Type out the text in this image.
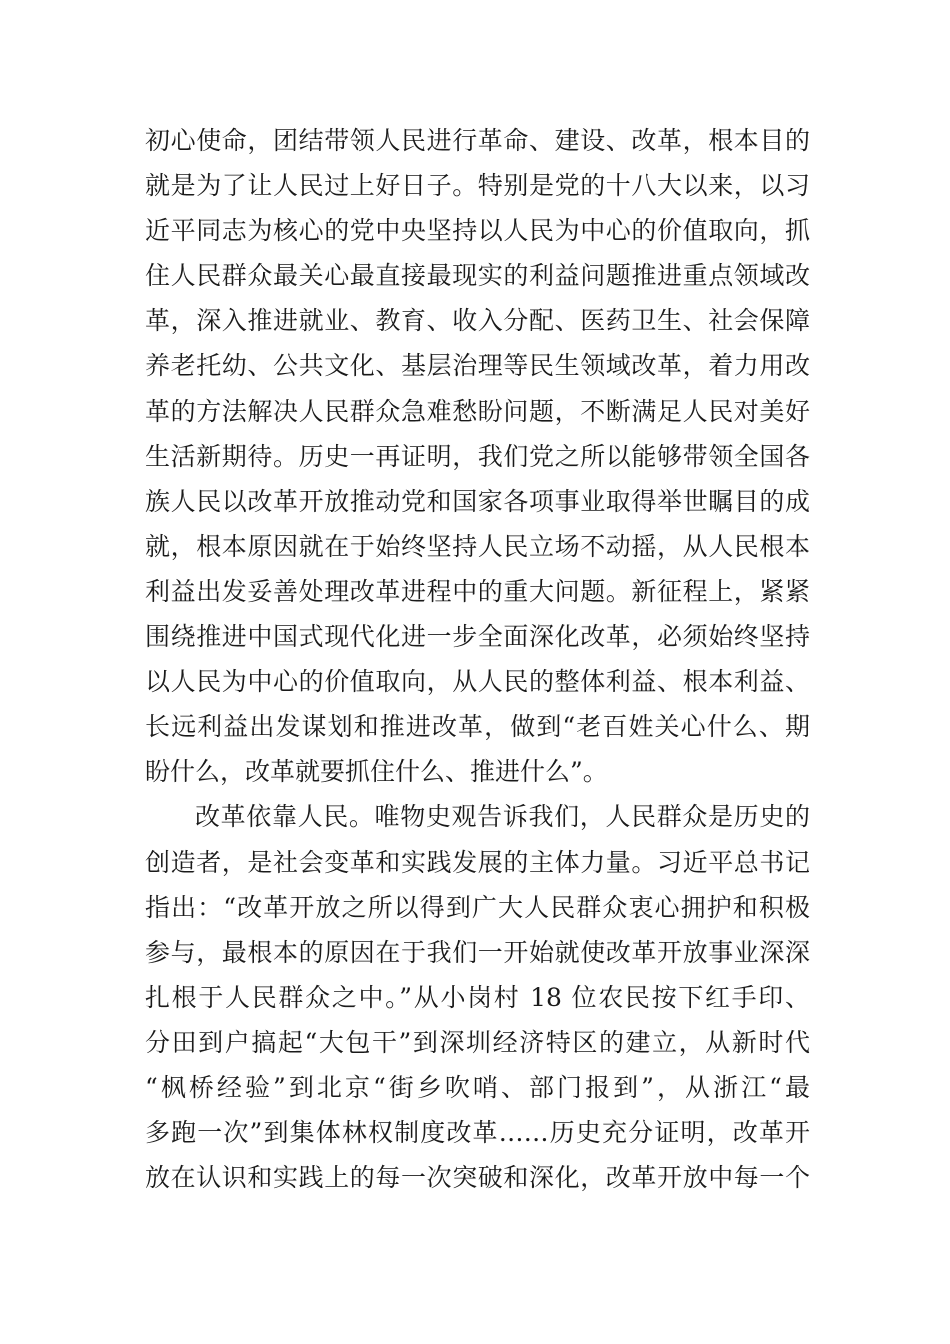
初心使命，团结带领人民进行革命、建设、改革，根本目的
就是为了让人民过上好日子。特别是党的十八大以来，以习
近平同志为核心的党中央坚持以人民为中心的价值取向，抓
住人民群众最关心最直接最现实的利益问题推进重点领域改
革，深入推进就业、教育、收入分配、医药卫生、社会保障
养老托幼、公共文化、基层治理等民生领域改革，着力用改
革的方法解决人民群众急难愁盼问题，不断满足人民对美好
生活新期待。历史一再证明，我们党之所以能够带领全国各
族人民以改革开放推动党和国家各项事业取得举世瞩目的成
就，根本原因就在于始终坚持人民立场不动摇，从人民根本
利益出发妥善处理改革进程中的重大问题。新征程上，紧紧
围绕推进中国式现代化进一步全面深化改革，必须始终坚持
以人民为中心的价值取向，从人民的整体利益、根本利益、
长远利益出发谋划和推进改革，做到“老百姓关心什么、期
盼什么，改革就要抓住什么、推进什么”。
改革依靠人民。唯物史观告诉我们，人民群众是历史的
创造者，是社会变革和实践发展的主体力量。习近平总书记
指出：“改革开放之所以得到广大人民群众衷心拥护和积极
参与，最根本的原因在于我们一开始就使改革开放事业深深
扎根于人民群众之中。”从小岗村 18 位农民按下红手印、
分田到户搞起“大包干”到深圳经济特区的建立，从新时代
“枫桥经验”到北京“街乡吹哨、部门报到”，从浙江“最
多跑一次”到集体林权制度改革……历史充分证明，改革开
放在认识和实践上的每一次突破和深化，改革开放中每一个
